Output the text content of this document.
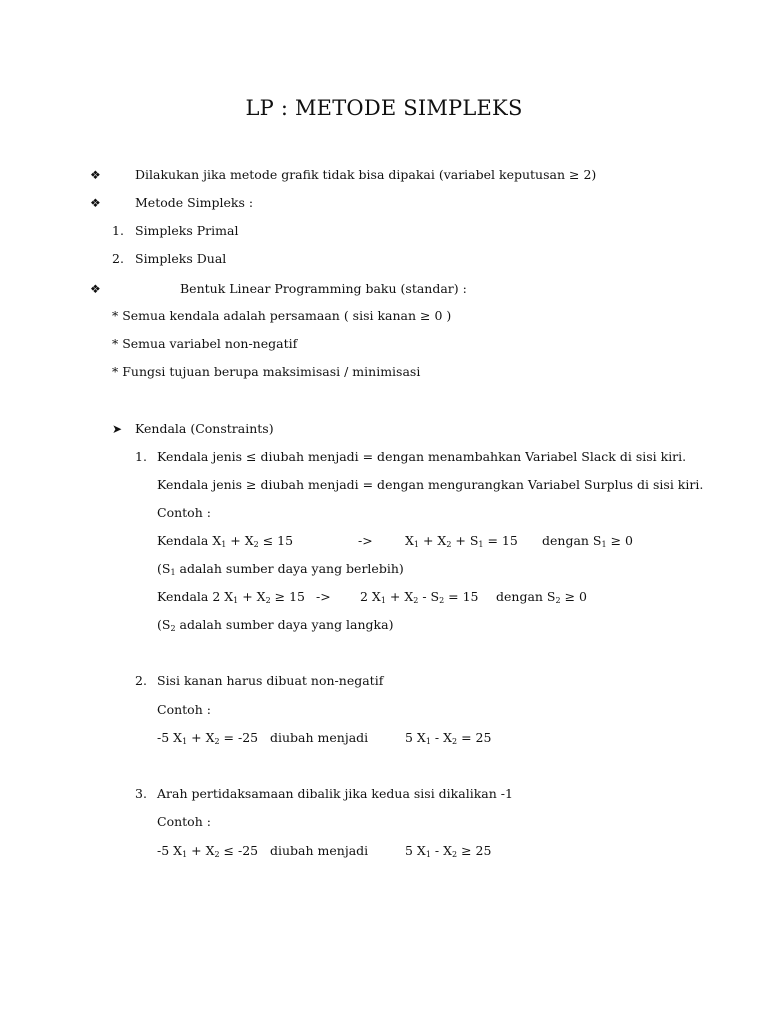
LP : METODE SIMPLEKS
❖	Dilakukan jika metode grafik tidak bisa dipakai (variabel keputusan ≥ 2)
❖	Metode Simpleks :
1. Simpleks Primal
2. Simpleks Dual
❖	Bentuk Linear Programming baku (standar) :
* Semua kendala adalah persamaan ( sisi kanan ≥ 0 )
* Semua variabel non-negatif
* Fungsi tujuan berupa maksimisasi / minimisasi
➤ Kendala (Constraints)
1. Kendala jenis ≤ diubah menjadi = dengan menambahkan Variabel Slack di sisi kiri.
Kendala jenis ≥ diubah menjadi = dengan mengurangkan Variabel Surplus di sisi kiri.
Contoh :
Kendala $X_1 + X_2 \le 15$	->	$X_1 + X_2 + S_1 = 15$ dengan $S_1 \ge 0$
($S_1$ adalah sumber daya yang berlebih)
Kendala 2 $X_1 + X_2 \ge 15 -> 2$ $X_1 + X_2 - S_2 = 15$ dengan $S_2 \ge 0$
($S_2$ adalah sumber daya yang langka)
2. Sisi kanan harus dibuat non-negatif
Contoh :
-5 $X_1 + X_2 = -25$ diubah menjadi	5 $X_1 - X_2 = 25$
3. Arah pertidaksamaan dibalik jika kedua sisi dikalikan -1
Contoh :
-5 $X_1 + X_2 \le -25$ diubah menjadi	5 $X_1 - X_2 \ge 25$
